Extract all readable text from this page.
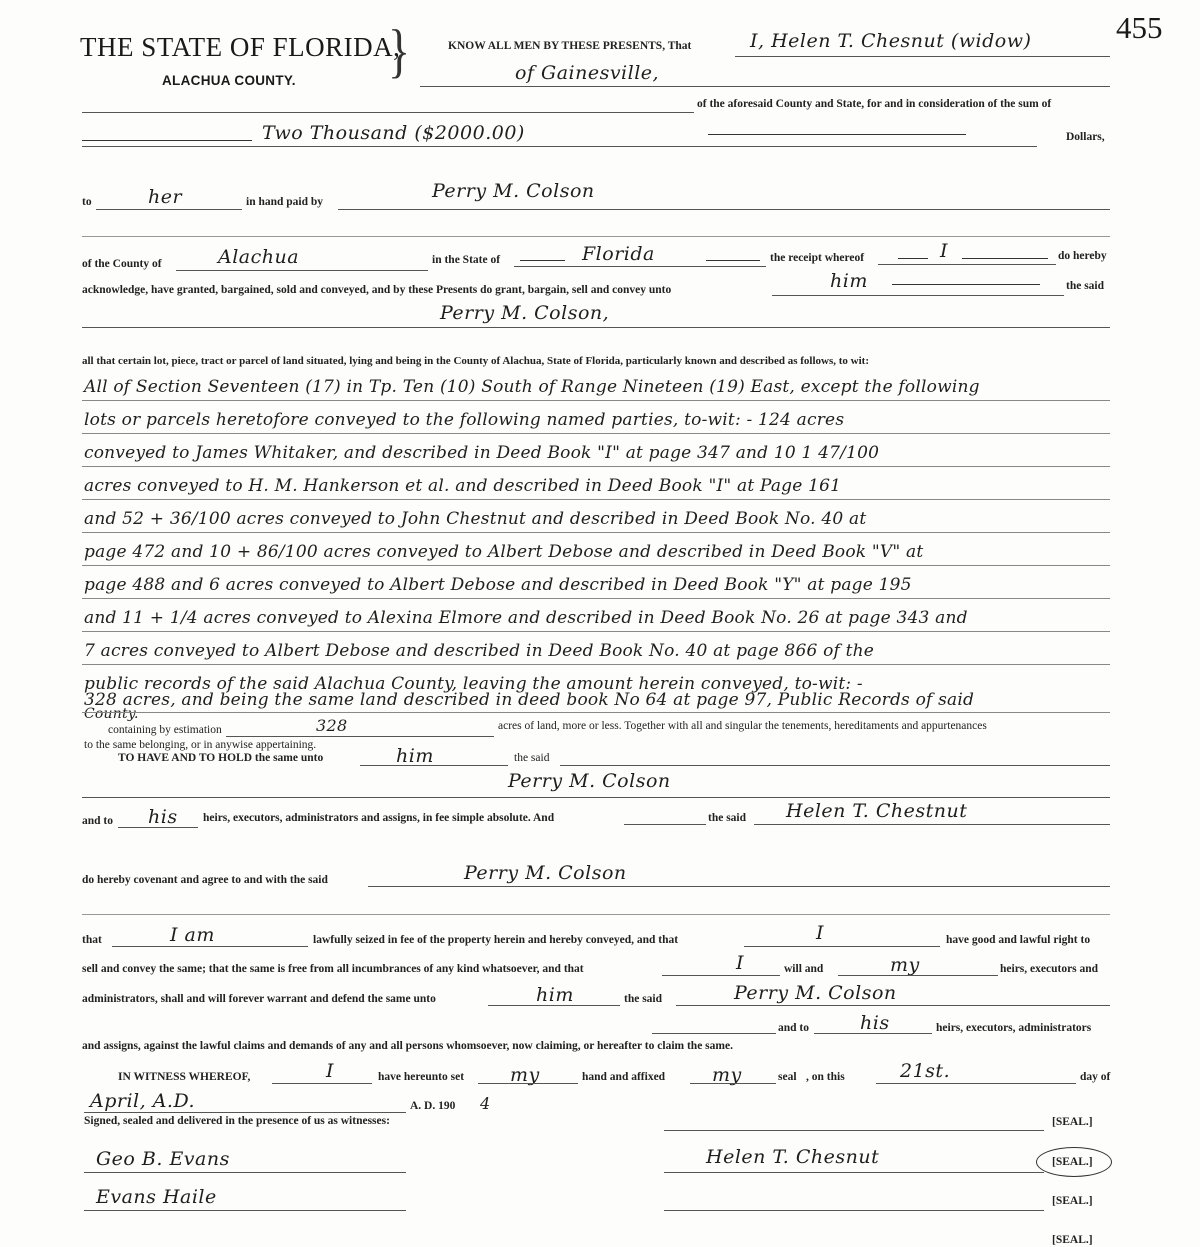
THE STATE OF FLORIDA,
}
ALACHUA COUNTY.
455
KNOW ALL MEN BY THESE PRESENTS, That	I, Helen T. Chesnut (widow)
of Gainesville,
of the aforesaid County and State, for and in consideration of the sum of
Two Thousand ($2000.00)	Dollars,
to	her	in hand paid by	Perry M. Colson
of the County of	Alachua	in the State of	Florida	the receipt whereof	I	do hereby
acknowledge, have granted, bargained, sold and conveyed, and by these Presents do grant, bargain, sell and convey unto	him	the said
Perry M. Colson,
all that certain lot, piece, tract or parcel of land situated, lying and being in the County of Alachua, State of Florida, particularly known and described as follows, to wit:
All of Section Seventeen (17) in Tp. Ten (10) South of Range Nineteen (19) East, except the following
lots or parcels heretofore conveyed to the following named parties, to-wit: - 124 acres
conveyed to James Whitaker, and described in Deed Book "I" at page 347 and 10 1 47/100
acres conveyed to H. M. Hankerson et al. and described in Deed Book "I" at Page 161
and 52 + 36/100 acres conveyed to John Chestnut and described in Deed Book No. 40 at
page 472 and 10 + 86/100 acres conveyed to Albert Debose and described in Deed Book "V" at
page 488 and 6 acres conveyed to Albert Debose and described in Deed Book "Y" at page 195
and 11 + 1/4 acres conveyed to Alexina Elmore and described in Deed Book No. 26 at page 343 and
7 acres conveyed to Albert Debose and described in Deed Book No. 40 at page 866 of the
public records of the said Alachua County, leaving the amount herein conveyed, to-wit: -
328 acres, and being the same land described in deed book No 64 at page 97, Public Records of said
County.
containing by estimation	328	acres of land, more or less. Together with all and singular the tenements, hereditaments and appurtenances
to the same belonging, or in anywise appertaining.
TO HAVE AND TO HOLD the same unto	him	the said
Perry M. Colson
and to his heirs, executors, administrators and assigns, in fee simple absolute. And	the said Helen T. Chestnut
do hereby covenant and agree to and with the said	Perry M. Colson
that	I am	lawfully seized in fee of the property herein and hereby conveyed, and that	I	have good and lawful right to
sell and convey the same; that the same is free from all incumbrances of any kind whatsoever, and that	I	will and	my	heirs, executors and
administrators, shall and will forever warrant and defend the same unto	him	the said	Perry M. Colson
and to	his	heirs, executors, administrators
and assigns, against the lawful claims and demands of any and all persons whomsoever, now claiming, or hereafter to claim the same.
IN WITNESS WHEREOF,	I	have hereunto set my	hand and affixed my	seal , on this	21st.	day of
April, A.D.	A. D. 190 4
Signed, sealed and delivered in the presence of us as witnesses:	[SEAL.]
Geo B. Evans	Helen T. Chesnut	[SEAL.]
Evans Haile	[SEAL.]
[SEAL.]
